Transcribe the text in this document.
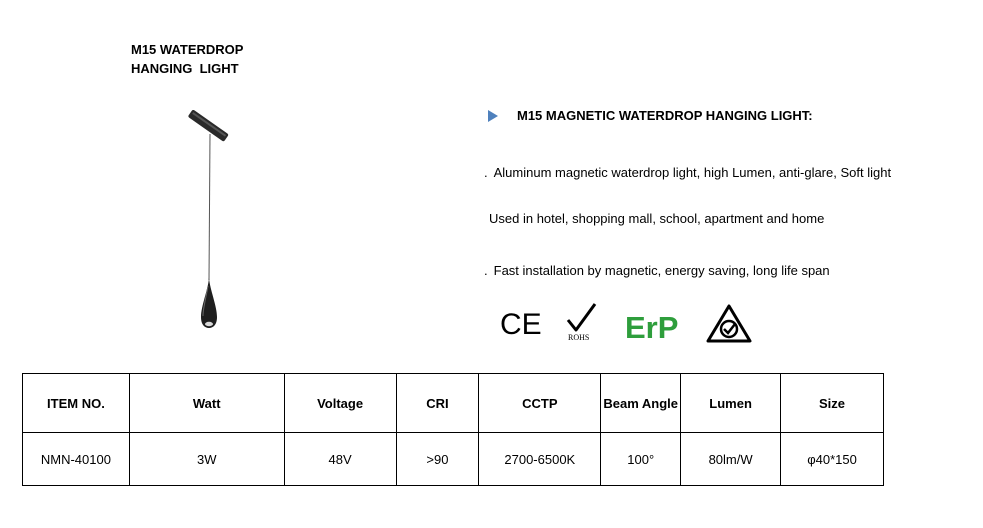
M15 WATERDROP
HANGING  LIGHT
M15 MAGNETIC WATERDROP HANGING LIGHT:
. Aluminum magnetic waterdrop light, high Lumen, anti-glare, Soft light
Used in hotel, shopping mall, school, apartment and home
. Fast installation by magnetic, energy saving, long life span
CE	ROHS ErP
ITEM NO.	Watt	Voltage	CRI	CCTP	Beam Angle	Lumen	Size
NMN-40100	3W	48V	>90	2700-6500K	100°	80lm/W	φ40*150
